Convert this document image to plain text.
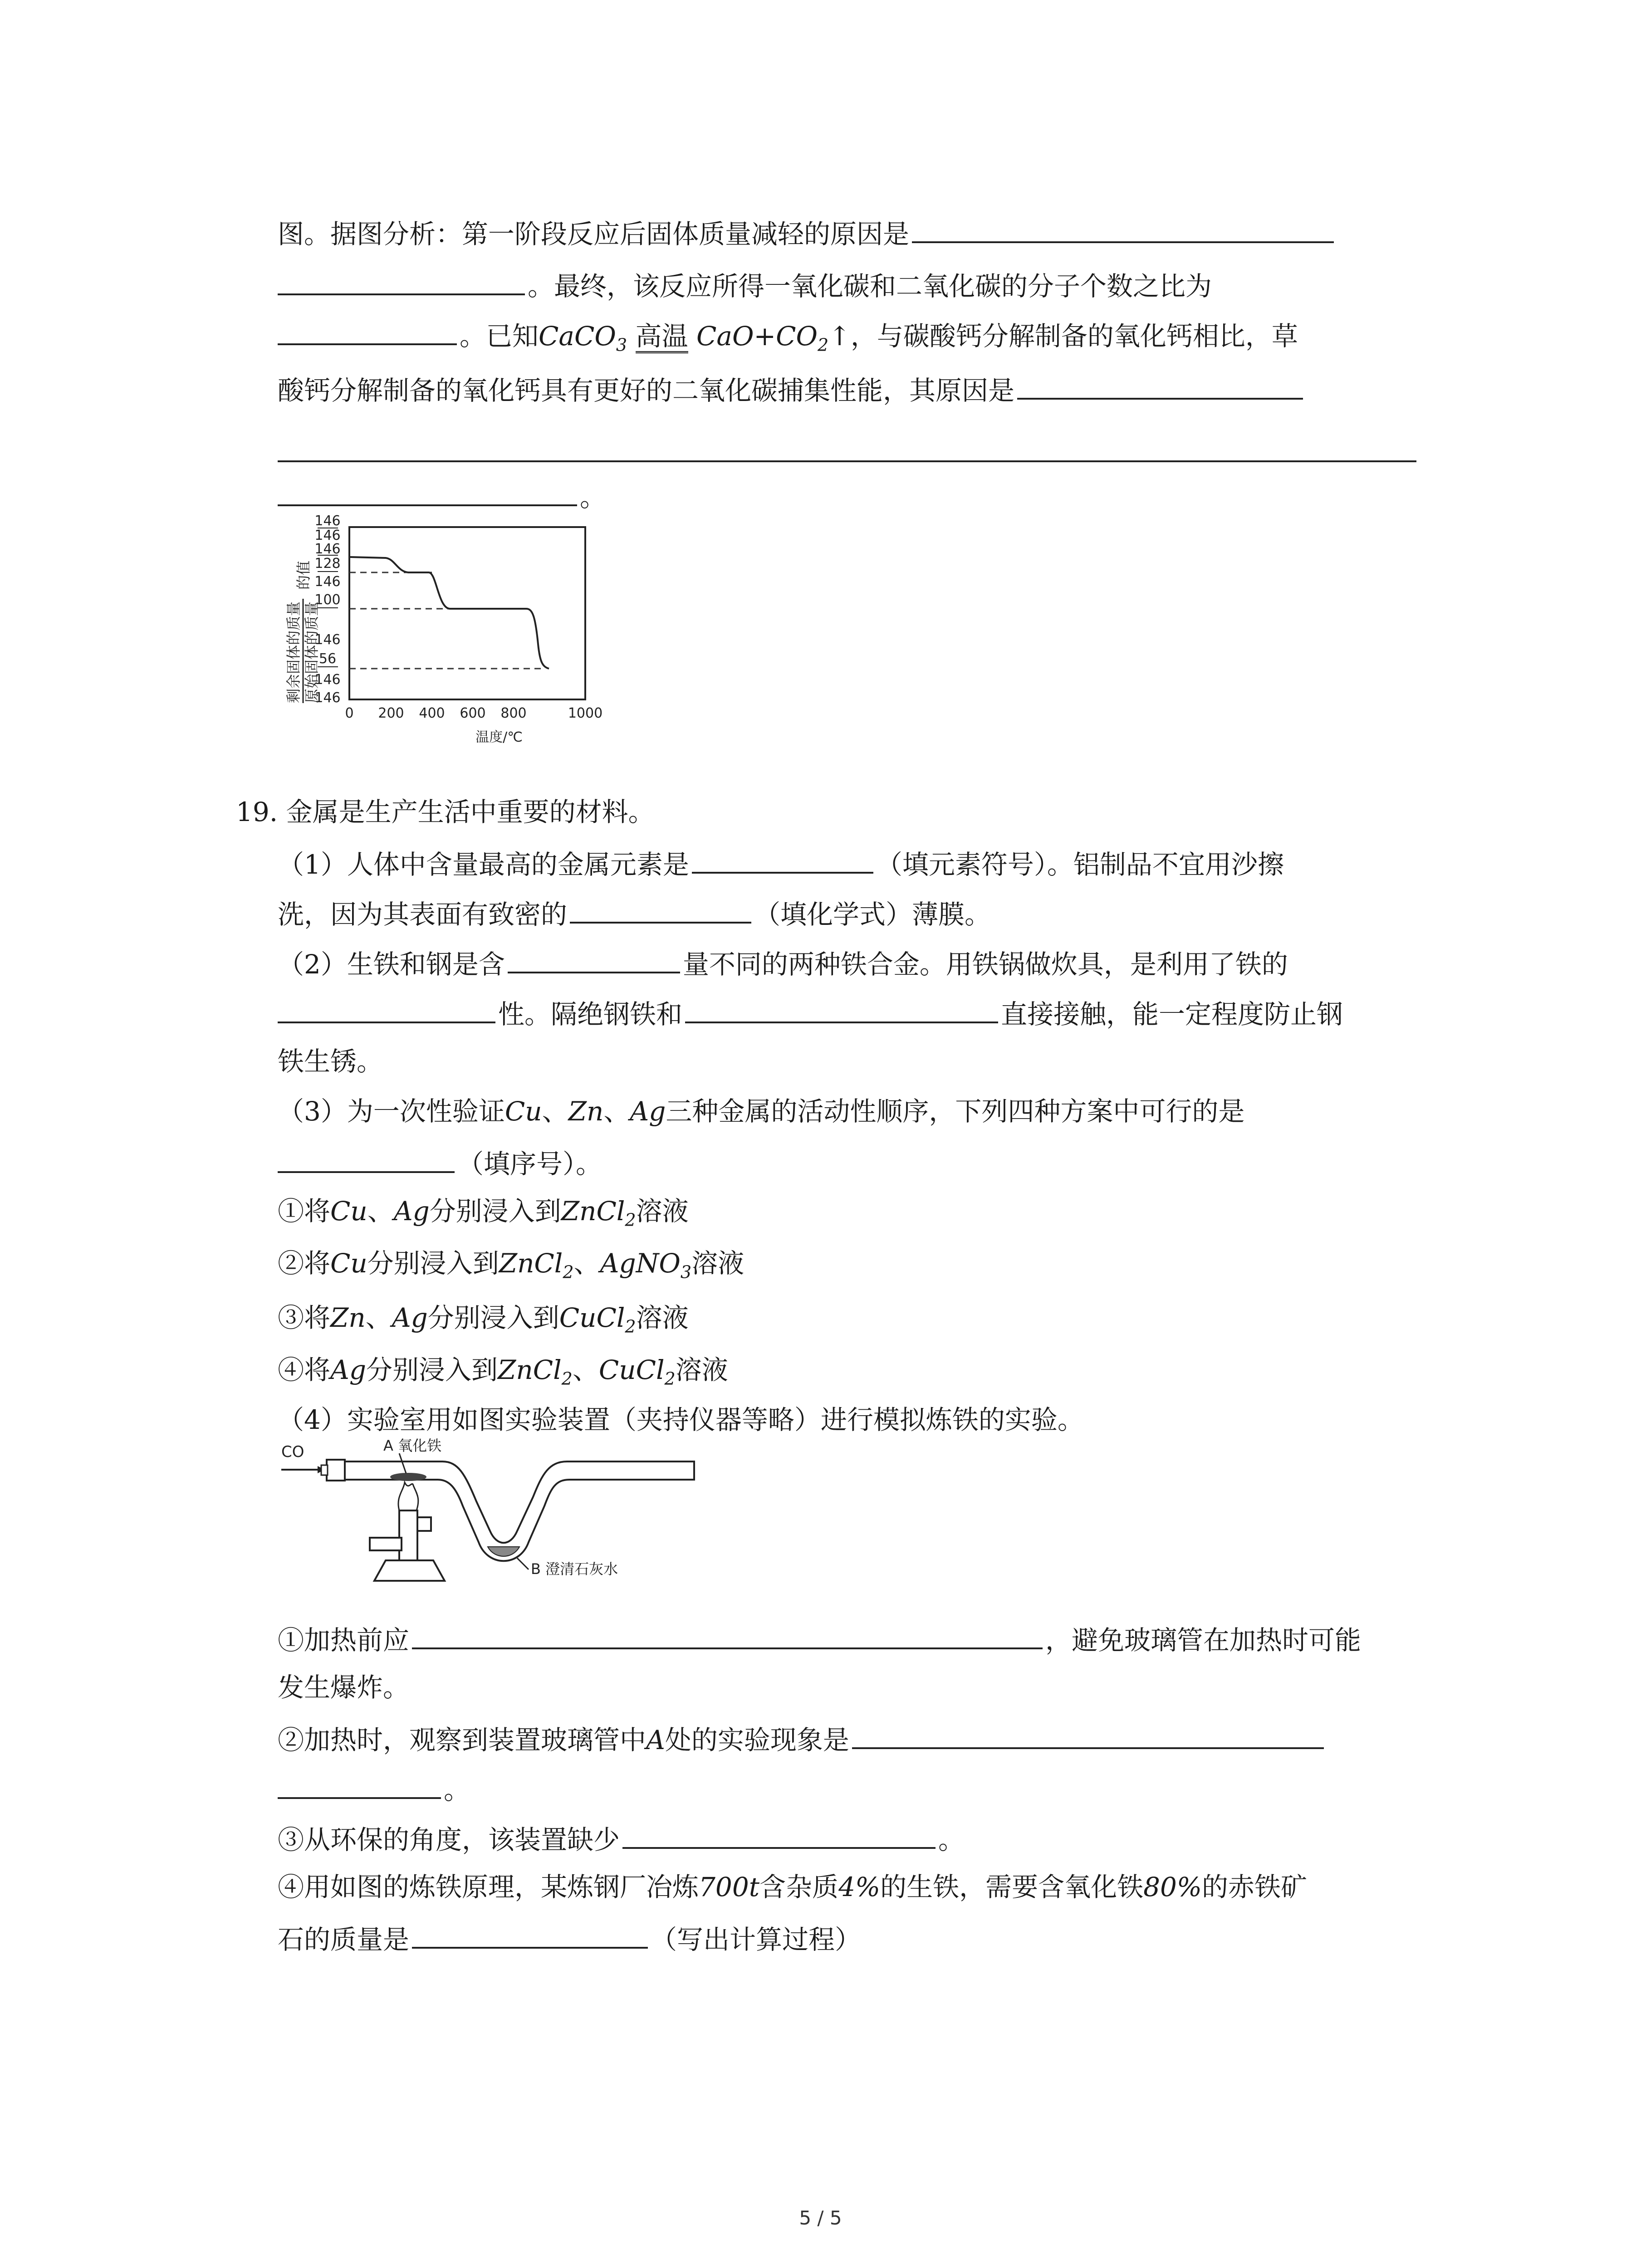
图。据图分析：第一阶段反应后固体质量减轻的原因是
。最终，该反应所得一氧化碳和二氧化碳的分子个数之比为
。已知CaCO$_3$ 高温 $CaO+CO_2↑$，与碳酸钙分解制备的氧化钙相比，草
酸钙分解制备的氧化钙具有更好的二氧化碳捕集性能，其原因是
。
剩余固体的质量 原始固体的质量
的值
146
146
146
128
146
100
146
56
146
146
0 200 400 600 800	1000
温度/℃
19. 金属是生产生活中重要的材料。
（1）人体中含量最高的金属元素是	（填元素符号）。铝制品不宜用沙擦
洗，因为其表面有致密的	（填化学式）薄膜。
（2）生铁和钢是含	量不同的两种铁合金。用铁锅做炊具，是利用了铁的
性。隔绝钢铁和	直接接触，能一定程度防止钢
铁生锈。
（3）为一次性验证Cu、Zn、Ag三种金属的活动性顺序，下列四种方案中可行的是
（填序号）。
①将Cu、Ag分别浸入到ZnCl$_2$溶液
②将Cu分别浸入到ZnCl$_2$、AgNO$_3$溶液
③将Zn、Ag分别浸入到CuCl$_2$溶液
④将Ag分别浸入到ZnCl$_2$、CuCl$_2$溶液
（4）实验室用如图实验装置（夹持仪器等略）进行模拟炼铁的实验。
CO	A 氧化铁
B 澄清石灰水
①加热前应	，避免玻璃管在加热时可能
发生爆炸。
②加热时，观察到装置玻璃管中A处的实验现象是
。
③从环保的角度，该装置缺少	。
④用如图的炼铁原理，某炼钢厂冶炼700t含杂质4%的生铁，需要含氧化铁80%的赤铁矿
石的质量是	（写出计算过程）
5 / 5
